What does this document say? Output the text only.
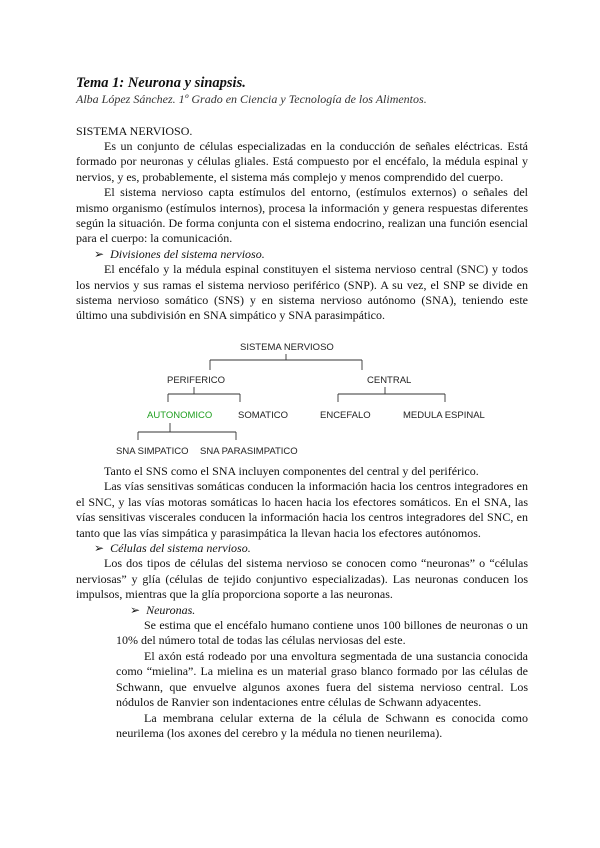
Tema 1: Neurona y sinapsis.
Alba López Sánchez. 1º Grado en Ciencia y Tecnología de los Alimentos.
SISTEMA NERVIOSO.

Es un conjunto de células especializadas en la conducción de señales eléctricas. Está formado por neuronas y células gliales. Está compuesto por el encéfalo, la médula espinal y nervios, y es, probablemente, el sistema más complejo y menos comprendido del cuerpo.

El sistema nervioso capta estímulos del entorno, (estímulos externos) o señales del mismo organismo (estímulos internos), procesa la información y genera respuestas diferentes según la situación. De forma conjunta con el sistema endocrino, realizan una función esencial para el cuerpo: la comunicación.

➢ Divisiones del sistema nervioso.

El encéfalo y la médula espinal constituyen el sistema nervioso central (SNC) y todos los nervios y sus ramas el sistema nervioso periférico (SNP). A su vez, el SNP se divide en sistema nervioso somático (SNS) y en sistema nervioso autónomo (SNA), teniendo este último una subdivisión en SNA simpático y SNA parasimpático.

SISTEMA NERVIOSO
PERIFERICO	CENTRAL
AUTONOMICO	SOMATICO	ENCEFALO	MEDULA ESPINAL
SNA SIMPATICO SNA PARASIMPATICO

Tanto el SNS como el SNA incluyen componentes del central y del periférico.

Las vías sensitivas somáticas conducen la información hacia los centros integradores en el SNC, y las vías motoras somáticas lo hacen hacia los efectores somáticos. En el SNA, las vías sensitivas viscerales conducen la información hacia los centros integradores del SNC, en tanto que las vías simpática y parasimpática la llevan hacia los efectores autónomos.

➢ Células del sistema nervioso.

Los dos tipos de células del sistema nervioso se conocen como “neuronas” o “células nerviosas” y glía (células de tejido conjuntivo especializadas). Las neuronas conducen los impulsos, mientras que la glía proporciona soporte a las neuronas.

➢ Neuronas.

Se estima que el encéfalo humano contiene unos 100 billones de neuronas o un 10% del número total de todas las células nerviosas del este.

El axón está rodeado por una envoltura segmentada de una sustancia conocida como “mielina”. La mielina es un material graso blanco formado por las células de Schwann, que envuelve algunos axones fuera del sistema nervioso central. Los nódulos de Ranvier son indentaciones entre células de Schwann adyacentes.

La membrana celular externa de la célula de Schwann es conocida como neurilema (los axones del cerebro y la médula no tienen neurilema).
